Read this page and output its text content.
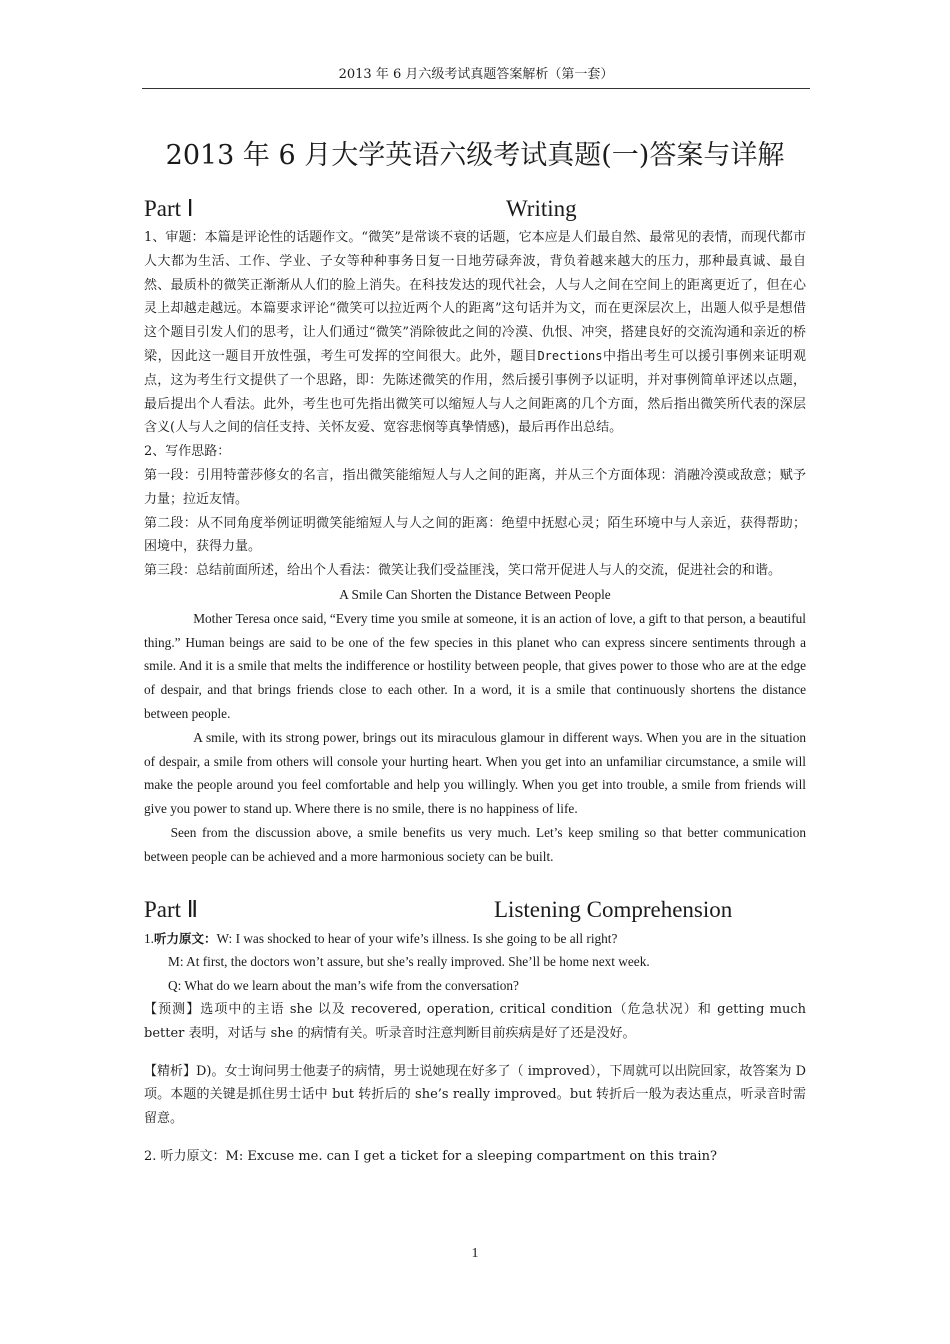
2013 年 6 月六级考试真题答案解析（第一套）
2013 年 6 月大学英语六级考试真题(一)答案与详解
Part Ⅰ	Writing

1、审题：本篇是评论性的话题作文。“微笑”是常谈不衰的话题，它本应是人们最自然、最常见的表情，而现代都市人大都为生活、工作、学业、子女等种种事务日复一日地劳碌奔波，背负着越来越大的压力，那种最真诚、最自然、最质朴的微笑正渐渐从人们的脸上消失。在科技发达的现代社会，人与人之间在空间上的距离更近了，但在心灵上却越走越远。本篇要求评论“微笑可以拉近两个人的距离”这句话并为文，而在更深层次上，出题人似乎是想借这个题目引发人们的思考，让人们通过“微笑”消除彼此之间的冷漠、仇恨、冲突，搭建良好的交流沟通和亲近的桥梁，因此这一题目开放性强，考生可发挥的空间很大。此外，题目Drections中指出考生可以援引事例来证明观点，这为考生行文提供了一个思路，即：先陈述微笑的作用，然后援引事例予以证明，并对事例简单评述以点题，最后提出个人看法。此外，考生也可先指出微笑可以缩短人与人之间距离的几个方面，然后指出微笑所代表的深层含义(人与人之间的信任支持、关怀友爱、宽容悲悯等真挚情感)，最后再作出总结。

2、写作思路：

第一段：引用特蕾莎修女的名言，指出微笑能缩短人与人之间的距离，并从三个方面体现：消融冷漠或敌意；赋予力量；拉近友情。

第二段：从不同角度举例证明微笑能缩短人与人之间的距离：绝望中抚慰心灵；陌生环境中与人亲近，获得帮助；困境中，获得力量。

第三段：总结前面所述，给出个人看法：微笑让我们受益匪浅，笑口常开促进人与人的交流，促进社会的和谐。

A Smile Can Shorten the Distance Between People

Mother Teresa once said, “Every time you smile at someone, it is an action of love, a gift to that person, a beautiful thing.” Human beings are said to be one of the few species in this planet who can express sincere sentiments through a smile. And it is a smile that melts the indifference or hostility between people, that gives power to those who are at the edge of despair, and that brings friends close to each other. In a word, it is a smile that continuously shortens the distance between people.

A smile, with its strong power, brings out its miraculous glamour in different ways. When you are in the situation of despair, a smile from others will console your hurting heart. When you get into an unfamiliar circumstance, a smile will make the people around you feel comfortable and help you willingly. When you get into trouble, a smile from friends will give you power to stand up. Where there is no smile, there is no happiness of life.

Seen from the discussion above, a smile benefits us very much. Let’s keep smiling so that better communication between people can be achieved and a more harmonious society can be built.

Part Ⅱ	Listening Comprehension

1.听力原文：W: I was shocked to hear of your wife’s illness. Is she going to be all right?

M: At first, the doctors won’t assure, but she’s really improved. She’ll be home next week.

Q: What do we learn about the man’s wife from the conversation?

【预测】选项中的主语 she 以及 recovered, operation, critical condition（危急状况）和 getting much better 表明，对话与 she 的病情有关。听录音时注意判断目前疾病是好了还是没好。

【精析】D)。女士询问男士他妻子的病情，男士说她现在好多了（ improved），下周就可以出院回家，故答案为 D 项。本题的关键是抓住男士话中 but 转折后的 she’s really improved。but 转折后一般为表达重点，听录音时需留意。

2. 听力原文：M: Excuse me. can I get a ticket for a sleeping compartment on this train?

1
